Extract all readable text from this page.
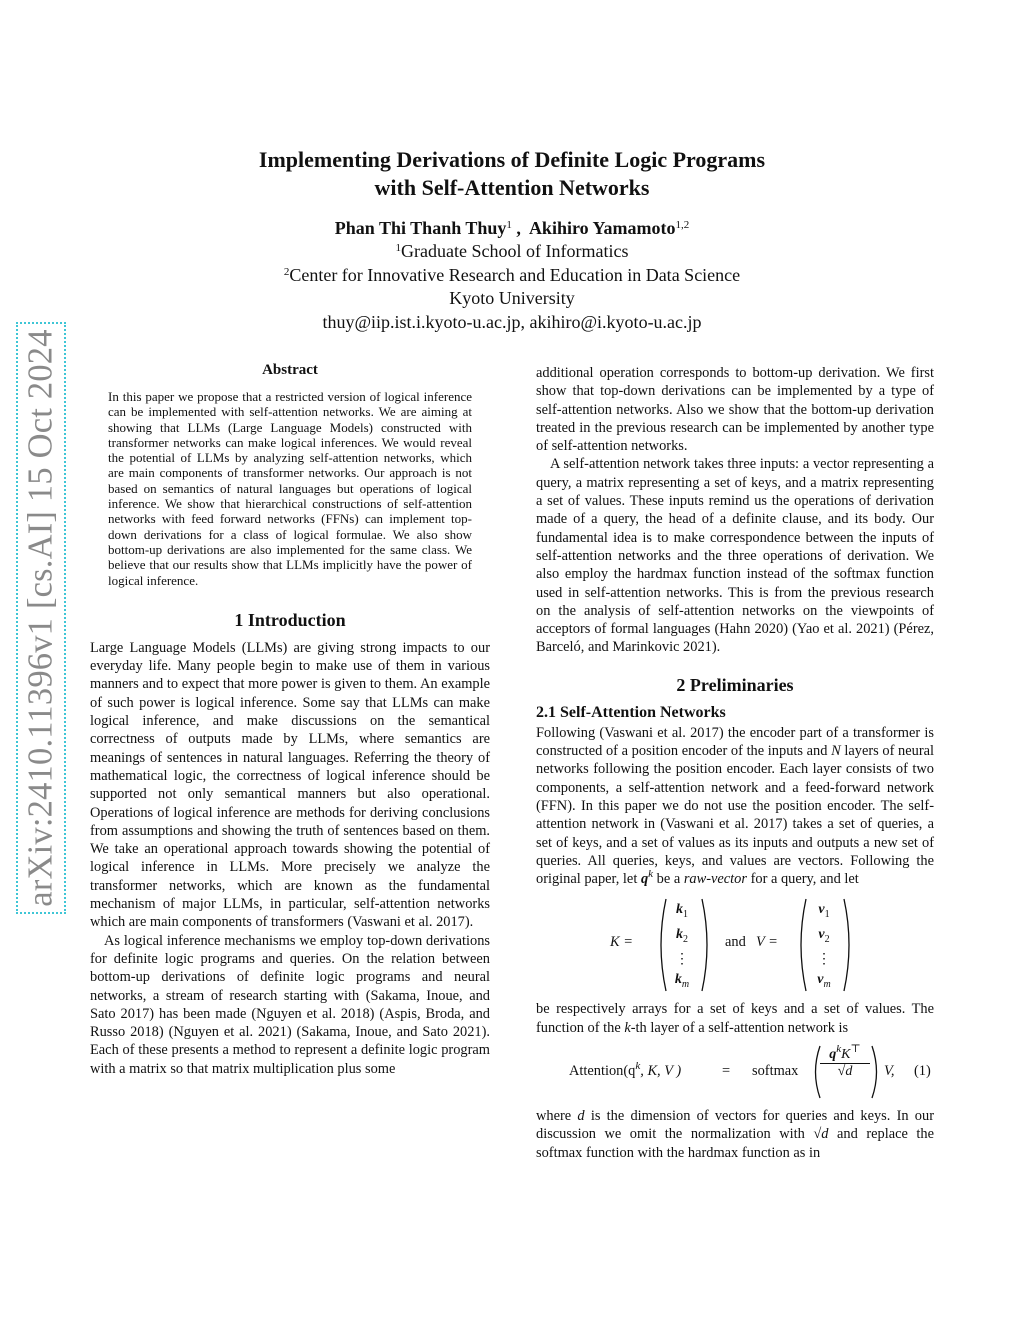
arXiv:2410.11396v1 [cs.AI] 15 Oct 2024
Implementing Derivations of Definite Logic Programs
with Self-Attention Networks
Phan Thi Thanh Thuy$^1$ ,  Akihiro Yamamoto$^{1,2}$
$^1$Graduate School of Informatics
$^2$Center for Innovative Research and Education in Data Science
Kyoto University
thuy@iip.ist.i.kyoto-u.ac.jp, akihiro@i.kyoto-u.ac.jp
Abstract

In this paper we propose that a restricted version of logical inference can be implemented with self-attention networks. We are aiming at showing that LLMs (Large Language Models) constructed with transformer networks can make logical inferences. We would reveal the potential of LLMs by analyzing self-attention networks, which are main components of transformer networks. Our approach is not based on semantics of natural languages but operations of logical inference. We show that hierarchical constructions of self-attention networks with feed forward networks (FFNs) can implement top-down derivations for a class of logical formulae. We also show bottom-up derivations are also implemented for the same class. We believe that our results show that LLMs implicitly have the power of logical inference.

1 Introduction

Large Language Models (LLMs) are giving strong impacts to our everyday life. Many people begin to make use of them in various manners and to expect that more power is given to them. An example of such power is logical inference. Some say that LLMs can make logical inference, and make discussions on the semantical correctness of outputs made by LLMs, where semantics are meanings of sentences in natural languages. Referring the theory of mathematical logic, the correctness of logical inference should be supported not only semantical manners but also operational. Operations of logical inference are methods for deriving conclusions from assumptions and showing the truth of sentences based on them. We take an operational approach towards showing the potential of logical inference in LLMs. More precisely we analyze the transformer networks, which are known as the fundamental mechanism of major LLMs, in particular, self-attention networks which are main components of transformers (Vaswani et al. 2017).

As logical inference mechanisms we employ top-down derivations for definite logic programs and queries. On the relation between bottom-up derivations of definite logic programs and neural networks, a stream of research starting with (Sakama, Inoue, and Sato 2017) has been made (Nguyen et al. 2018) (Aspis, Broda, and Russo 2018) (Nguyen et al. 2021) (Sakama, Inoue, and Sato 2021). Each of these presents a method to represent a definite logic program with a matrix so that matrix multiplication plus some

additional operation corresponds to bottom-up derivation. We first show that top-down derivations can be implemented by a type of self-attention networks. Also we show that the bottom-up derivation treated in the previous research can be implemented by another type of self-attention networks.

A self-attention network takes three inputs: a vector representing a query, a matrix representing a set of keys, and a matrix representing a set of values. These inputs remind us the operations of derivation made of a query, the head of a definite clause, and its body. Our fundamental idea is to make correspondence between the inputs of self-attention networks and the three operations of derivation. We also employ the hardmax function instead of the softmax function used in self-attention networks. This is from the previous research on the analysis of self-attention networks on the viewpoints of acceptors of formal languages (Hahn 2020) (Yao et al. 2021) (Pérez, Barceló, and Marinkovic 2021).

2 Preliminaries
2.1 Self-Attention Networks

Following (Vaswani et al. 2017) the encoder part of a transformer is constructed of a position encoder of the inputs and N layers of neural networks following the position encoder. Each layer consists of two components, a self-attention network and a feed-forward network (FFN). In this paper we do not use the position encoder. The self-attention network in (Vaswani et al. 2017) takes a set of queries, a set of keys, and a set of values as its inputs and outputs a new set of queries. All queries, keys, and values are vectors. Following the original paper, let $q^k$ be a raw-vector for a query, and let

K =
$k_1$
$k_2$
⋮
$k_m$
and V =
$v_1$
$v_2$
⋮
$v_m$

be respectively arrays for a set of keys and a set of values. The function of the k-th layer of a self-attention network is

$Attention(q^k$, K, V )	= softmax
$q^kK^⊤$
√d	V, (1)

where d is the dimension of vectors for queries and keys. In our discussion we omit the normalization with √d and replace the softmax function with the hardmax function as in
